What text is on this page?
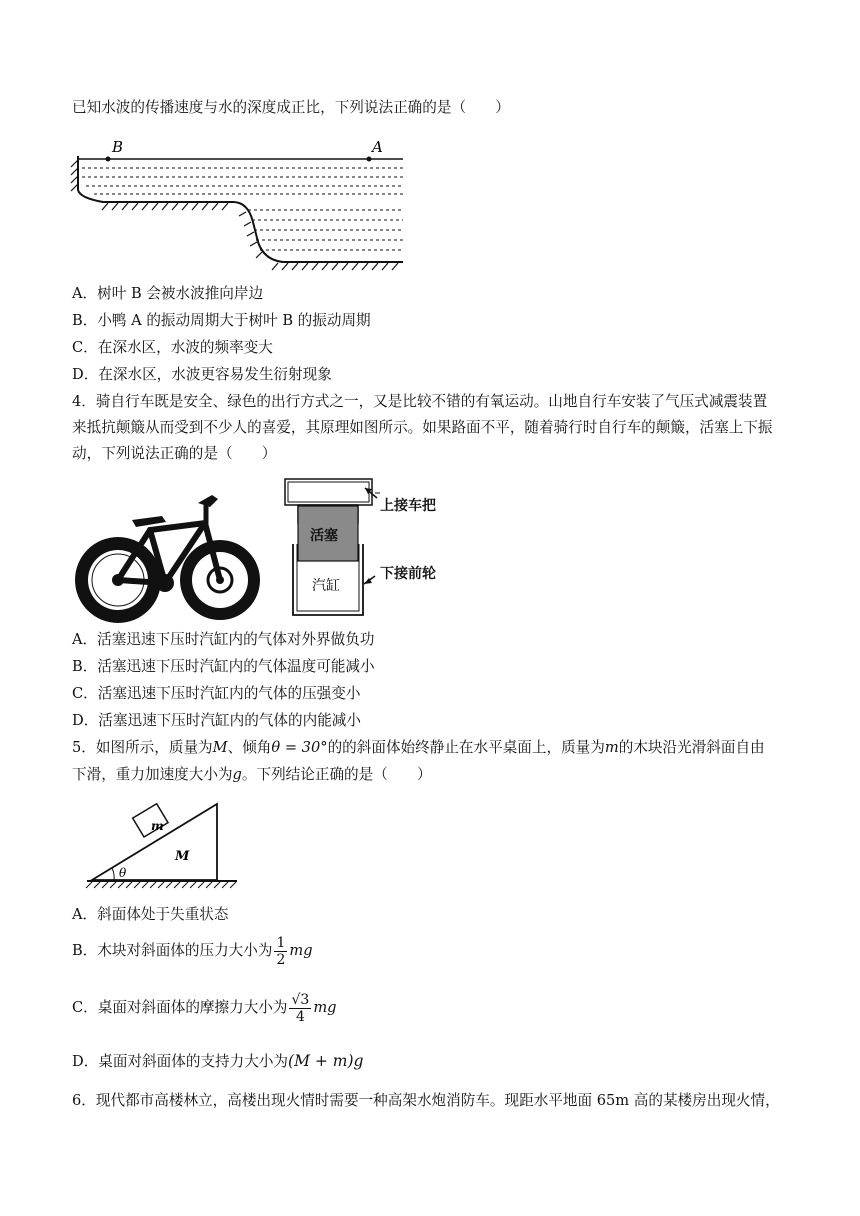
已知水波的传播速度与水的深度成正比，下列说法正确的是（　　）
B	A
A．树叶 B 会被水波推向岸边
B．小鸭 A 的振动周期大于树叶 B 的振动周期
C．在深水区，水波的频率变大
D．在深水区，水波更容易发生衍射现象
4．骑自行车既是安全、绿色的出行方式之一，又是比较不错的有氧运动。山地自行车安装了气压式减震装置
来抵抗颠簸从而受到不少人的喜爱，其原理如图所示。如果路面不平，随着骑行时自行车的颠簸，活塞上下振
动，下列说法正确的是（　　）
活塞
汽缸
上接车把
下接前轮
A．活塞迅速下压时汽缸内的气体对外界做负功
B．活塞迅速下压时汽缸内的气体温度可能减小
C．活塞迅速下压时汽缸内的气体的压强变小
D．活塞迅速下压时汽缸内的气体的内能减小
5．如图所示，质量为M、倾角θ = 30°的的斜面体始终静止在水平桌面上，质量为m的木块沿光滑斜面自由
下滑，重力加速度大小为g。下列结论正确的是（　　）
m
M
θ
A．斜面体处于失重状态
B．木块对斜面体的压力大小为 $\frac{1}{2}$ mg
C．桌面对斜面体的摩擦力大小为 $\frac{√3}{4}$ mg
D．桌面对斜面体的支持力大小为(M + m)g
6．现代都市高楼林立，高楼出现火情时需要一种高架水炮消防车。现距水平地面 65m 高的某楼房出现火情，
